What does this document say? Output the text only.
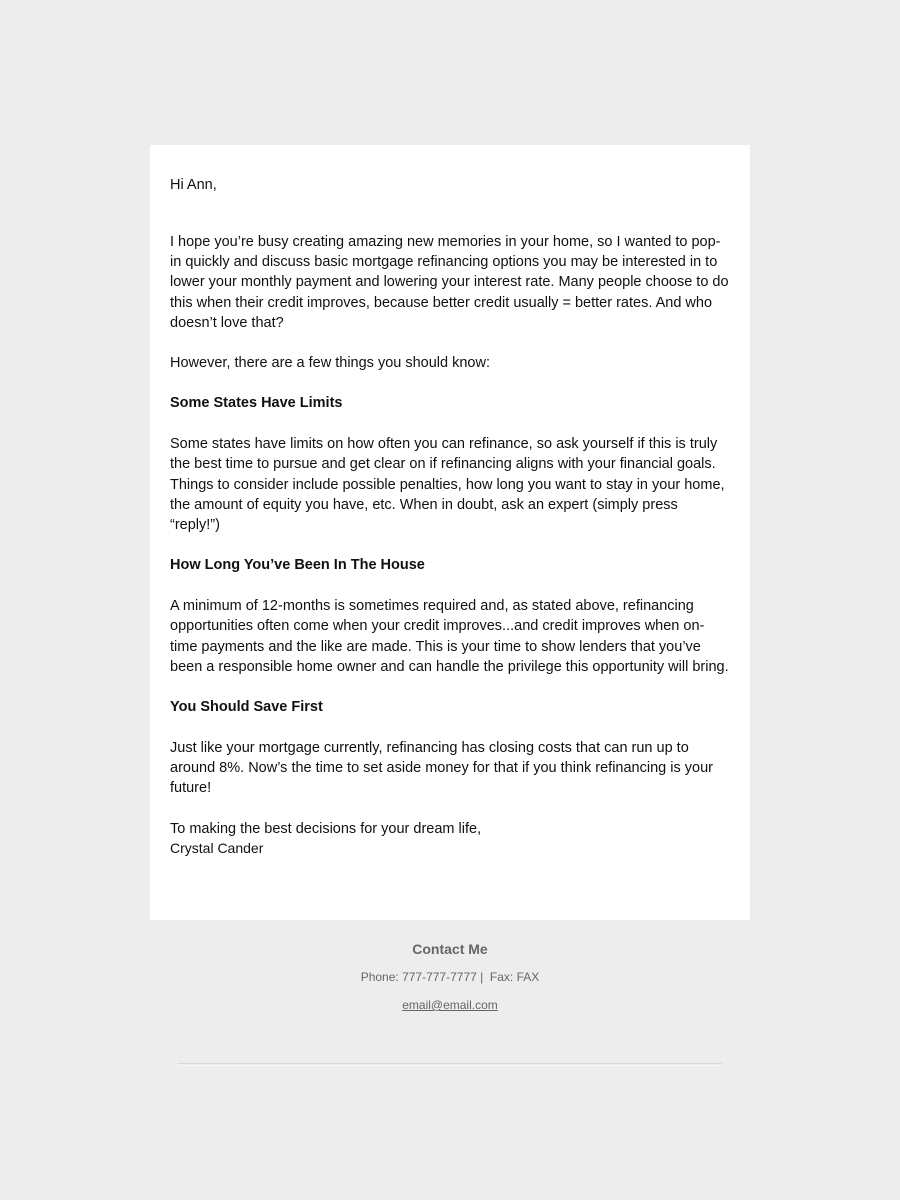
Hi Ann,

I hope you’re busy creating amazing new memories in your home, so I wanted to pop-in quickly and discuss basic mortgage refinancing options you may be interested in to lower your monthly payment and lowering your interest rate. Many people choose to do this when their credit improves, because better credit usually = better rates. And who doesn’t love that?

However, there are a few things you should know:

Some States Have Limits

Some states have limits on how often you can refinance, so ask yourself if this is truly the best time to pursue and get clear on if refinancing aligns with your financial goals. Things to consider include possible penalties, how long you want to stay in your home, the amount of equity you have, etc. When in doubt, ask an expert (simply press “reply!”)

How Long You’ve Been In The House

A minimum of 12-months is sometimes required and, as stated above, refinancing opportunities often come when your credit improves...and credit improves when on-time payments and the like are made. This is your time to show lenders that you’ve been a responsible home owner and can handle the privilege this opportunity will bring.

You Should Save First

Just like your mortgage currently, refinancing has closing costs that can run up to around 8%. Now’s the time to set aside money for that if you think refinancing is your future!

To making the best decisions for your dream life,

Crystal Cander

Contact Me

Phone: 777-777-7777 |  Fax: FAX

email@email.com
